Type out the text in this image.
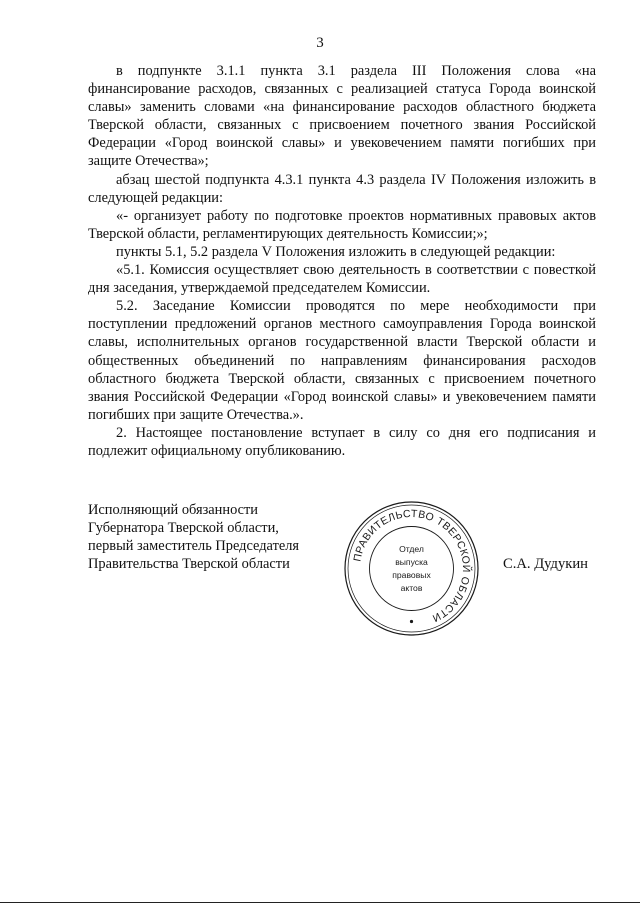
3

в подпункте 3.1.1 пункта 3.1 раздела III Положения слова «на финансирование расходов, связанных с реализацией статуса Города воинской славы» заменить словами «на финансирование расходов областного бюджета Тверской области, связанных с присвоением почетного звания Российской Федерации «Город воинской славы» и увековечением памяти погибших при защите Отечества»;

абзац шестой подпункта 4.3.1 пункта 4.3 раздела IV Положения изложить в следующей редакции:

«- организует работу по подготовке проектов нормативных правовых актов Тверской области, регламентирующих деятельность Комиссии;»;

пункты 5.1, 5.2 раздела V Положения изложить в следующей редакции:

«5.1. Комиссия осуществляет свою деятельность в соответствии с повесткой дня заседания, утверждаемой председателем Комиссии.

5.2. Заседание Комиссии проводятся по мере необходимости при поступлении предложений органов местного самоуправления Города воинской славы, исполнительных органов государственной власти Тверской области и общественных объединений по направлениям финансирования расходов областного бюджета Тверской области, связанных с присвоением почетного звания Российской Федерации «Город воинской славы» и увековечением памяти погибших при защите Отечества.».

2. Настоящее постановление вступает в силу со дня его подписания и подлежит официальному опубликованию.

Исполняющий обязанности
Губернатора Тверской области,
первый заместитель Председателя
Правительства Тверской области	ПРАВИТЕЛЬСТВО ТВЕРСКОЙ ОБЛАСТИ
Отдел
выпуска
правовых
актов
С.А. Дудукин
